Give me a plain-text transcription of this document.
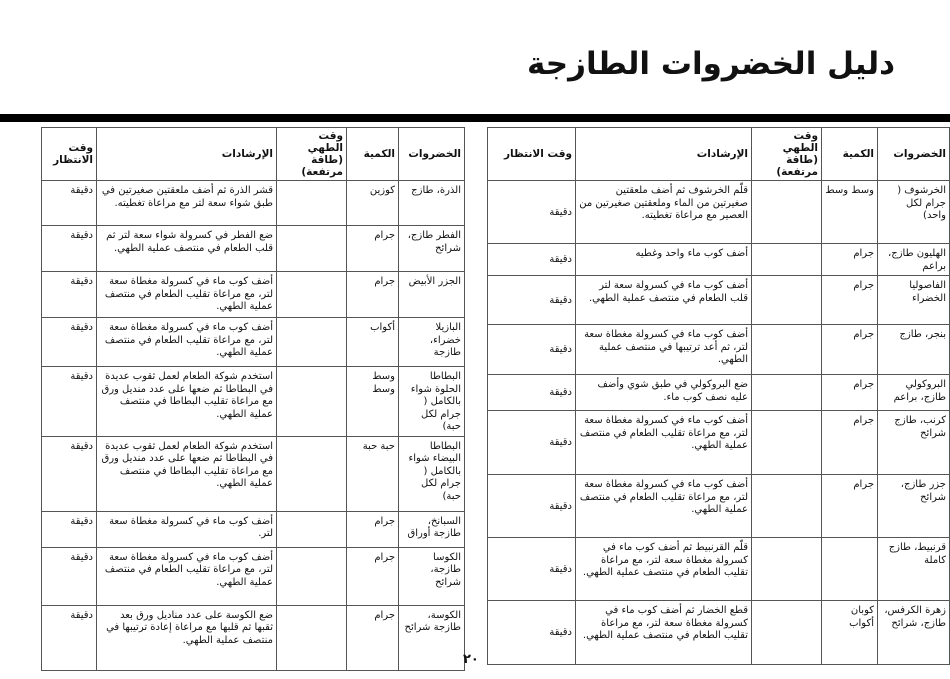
دليل الخضروات الطازجة
الخضروات	الكمية	وقت الطهي (طاقة مرتفعة)	الإرشادات	وقت الانتظار
الخرشوف ( جرام لكل واحد)	وسط وسط		قلّم الخرشوف ثم أضف ملعقتين صغيرتين من الماء وملعقتين صغيرتين من العصير مع مراعاة تغطيته.	دقيقة
الهليون طازج، براعم	جرام		أضف كوب ماء واحد وغطيه	دقيقة
الفاصوليا الخضراء	جرام		أضف كوب ماء في كسرولة سعة لتر قلب الطعام في منتصف عملية الطهي.	دقيقة
بنجر، طازج	جرام		أضف كوب ماء في كسرولة مغطاة سعة لتر، ثم أعد ترتيبها في منتصف عملية الطهي.	دقيقة
البروكولي طازج، براعم	جرام		ضع البروكولي في طبق شوي وأضف عليه نصف كوب ماء.	دقيقة
كرنب، طازج شرائح	جرام		أضف كوب ماء في كسرولة مغطاة سعة لتر، مع مراعاة تقليب الطعام في منتصف عملية الطهي.	دقيقة
جزر طازج، شرائح	جرام		أضف كوب ماء في كسرولة مغطاة سعة لتر، مع مراعاة تقليب الطعام في منتصف عملية الطهي.	دقيقة
قرنبيط، طازج كاملة			قلّم القرنبيط ثم أضف كوب ماء في كسرولة مغطاة سعة لتر، مع مراعاة تقليب الطعام في منتصف عملية الطهي.	دقيقة
زهرة الكرفس، طازج، شرائح	كوبان أكواب		قطع الخضار ثم أضف كوب ماء في كسرولة مغطاة سعة لتر، مع مراعاة تقليب الطعام في منتصف عملية الطهي.	دقيقة
الخضروات	الكمية	وقت الطهي (طاقة مرتفعة)	الإرشادات	وقت الانتظار
الذرة، طازج	كوزين		قشر الذرة ثم أضف ملعقتين صغيرتين في طبق شواء سعة لتر مع مراعاة تغطيته.	دقيقة
الفطر طازج، شرائح	جرام		ضع الفطر في كسرولة شواء سعة لتر ثم قلب الطعام في منتصف عملية الطهي.	دقيقة
الجزر الأبيض	جرام		أضف كوب ماء في كسرولة مغطاة سعة لتر، مع مراعاة تقليب الطعام في منتصف عملية الطهي.	دقيقة
البازيلا خضراء، طازجة	أكواب		أضف كوب ماء في كسرولة مغطاة سعة لتر، مع مراعاة تقليب الطعام في منتصف عملية الطهي.	دقيقة
البطاطا الحلوة شواء بالكامل ( جرام لكل حبة)	وسط وسط		استخدم شوكة الطعام لعمل ثقوب عديدة في البطاطا ثم ضعها على عدد منديل ورق مع مراعاة تقليب البطاطا في منتصف عملية الطهي.	دقيقة
البطاطا البيضاء شواء بالكامل ( جرام لكل حبة)	حبة حبة		استخدم شوكة الطعام لعمل ثقوب عديدة في البطاطا ثم ضعها على عدد منديل ورق مع مراعاة تقليب البطاطا في منتصف عملية الطهي.	دقيقة
السبانخ، طازجة أوراق	جرام		أضف كوب ماء في كسرولة مغطاة سعة لتر.	دقيقة
الكوسا طازجة، شرائح	جرام		أضف كوب ماء في كسرولة مغطاة سعة لتر، مع مراعاة تقليب الطعام في منتصف عملية الطهي.	دقيقة
الكوسة، طازجة شرائح	جرام		ضع الكوسة على عدد مناديل ورق بعد ثقبها ثم قلبها مع مراعاة إعادة ترتيبها في منتصف عملية الطهي.	دقيقة
٢٠
